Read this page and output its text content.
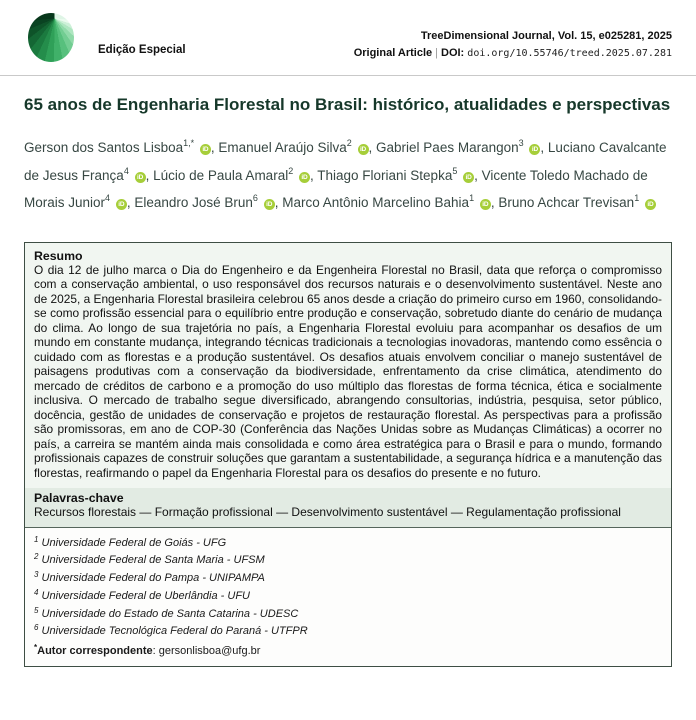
Edição Especial
TreeDimensional Journal, Vol. 15, e025281, 2025
Original Article | DOI: doi.org/10.55746/treed.2025.07.281
65 anos de Engenharia Florestal no Brasil: histórico, atualidades e perspectivas

Gerson dos Santos Lisboa$^{1,*}$ iD , Emanuel Araújo Silva$^2$ iD , Gabriel Paes Marangon$^3$ iD , Luciano Cavalcante de Jesus França$^4$ iD , Lúcio de Paula Amaral$^2$ iD , Thiago Floriani Stepka$^5$ iD , Vicente Toledo Machado de Morais Junior$^4$ iD , Eleandro José Brun$^6$ iD , Marco Antônio Marcelino Bahia$^1$ iD , Bruno Achcar Trevisan$^1$ iD

Resumo
O dia 12 de julho marca o Dia do Engenheiro e da Engenheira Florestal no Brasil, data que reforça o compromisso com a conservação ambiental, o uso responsável dos recursos naturais e o desenvolvimento sustentável. Neste ano de 2025, a Engenharia Florestal brasileira celebrou 65 anos desde a criação do primeiro curso em 1960, consolidando-se como profissão essencial para o equilíbrio entre produção e conservação, sobretudo diante do cenário de mudança do clima. Ao longo de sua trajetória no país, a Engenharia Florestal evoluiu para acompanhar os desafios de um mundo em constante mudança, integrando técnicas tradicionais a tecnologias inovadoras, mantendo como essência o cuidado com as florestas e a produção sustentável. Os desafios atuais envolvem conciliar o manejo sustentável de paisagens produtivas com a conservação da biodiversidade, enfrentamento da crise climática, atendimento do mercado de créditos de carbono e a promoção do uso múltiplo das florestas de forma técnica, ética e socialmente inclusiva. O mercado de trabalho segue diversificado, abrangendo consultorias, indústria, pesquisa, setor público, docência, gestão de unidades de conservação e projetos de restauração florestal. As perspectivas para a profissão são promissoras, em ano de COP-30 (Conferência das Nações Unidas sobre as Mudanças Climáticas) a ocorrer no país, a carreira se mantém ainda mais consolidada e como área estratégica para o Brasil e para o mundo, formando profissionais capazes de construir soluções que garantam a sustentabilidade, a segurança hídrica e a manutenção das florestas, reafirmando o papel da Engenharia Florestal para os desafios do presente e no futuro.
Palavras-chave
Recursos florestais — Formação profissional — Desenvolvimento sustentável — Regulamentação profissional
$^1$ Universidade Federal de Goiás - UFG
$^2$ Universidade Federal de Santa Maria - UFSM
$^3$ Universidade Federal do Pampa - UNIPAMPA
$^4$ Universidade Federal de Uberlândia - UFU
$^5$ Universidade do Estado de Santa Catarina - UDESC
$^6$ Universidade Tecnológica Federal do Paraná - UTFPR
*Autor correspondente: gersonlisboa@ufg.br
